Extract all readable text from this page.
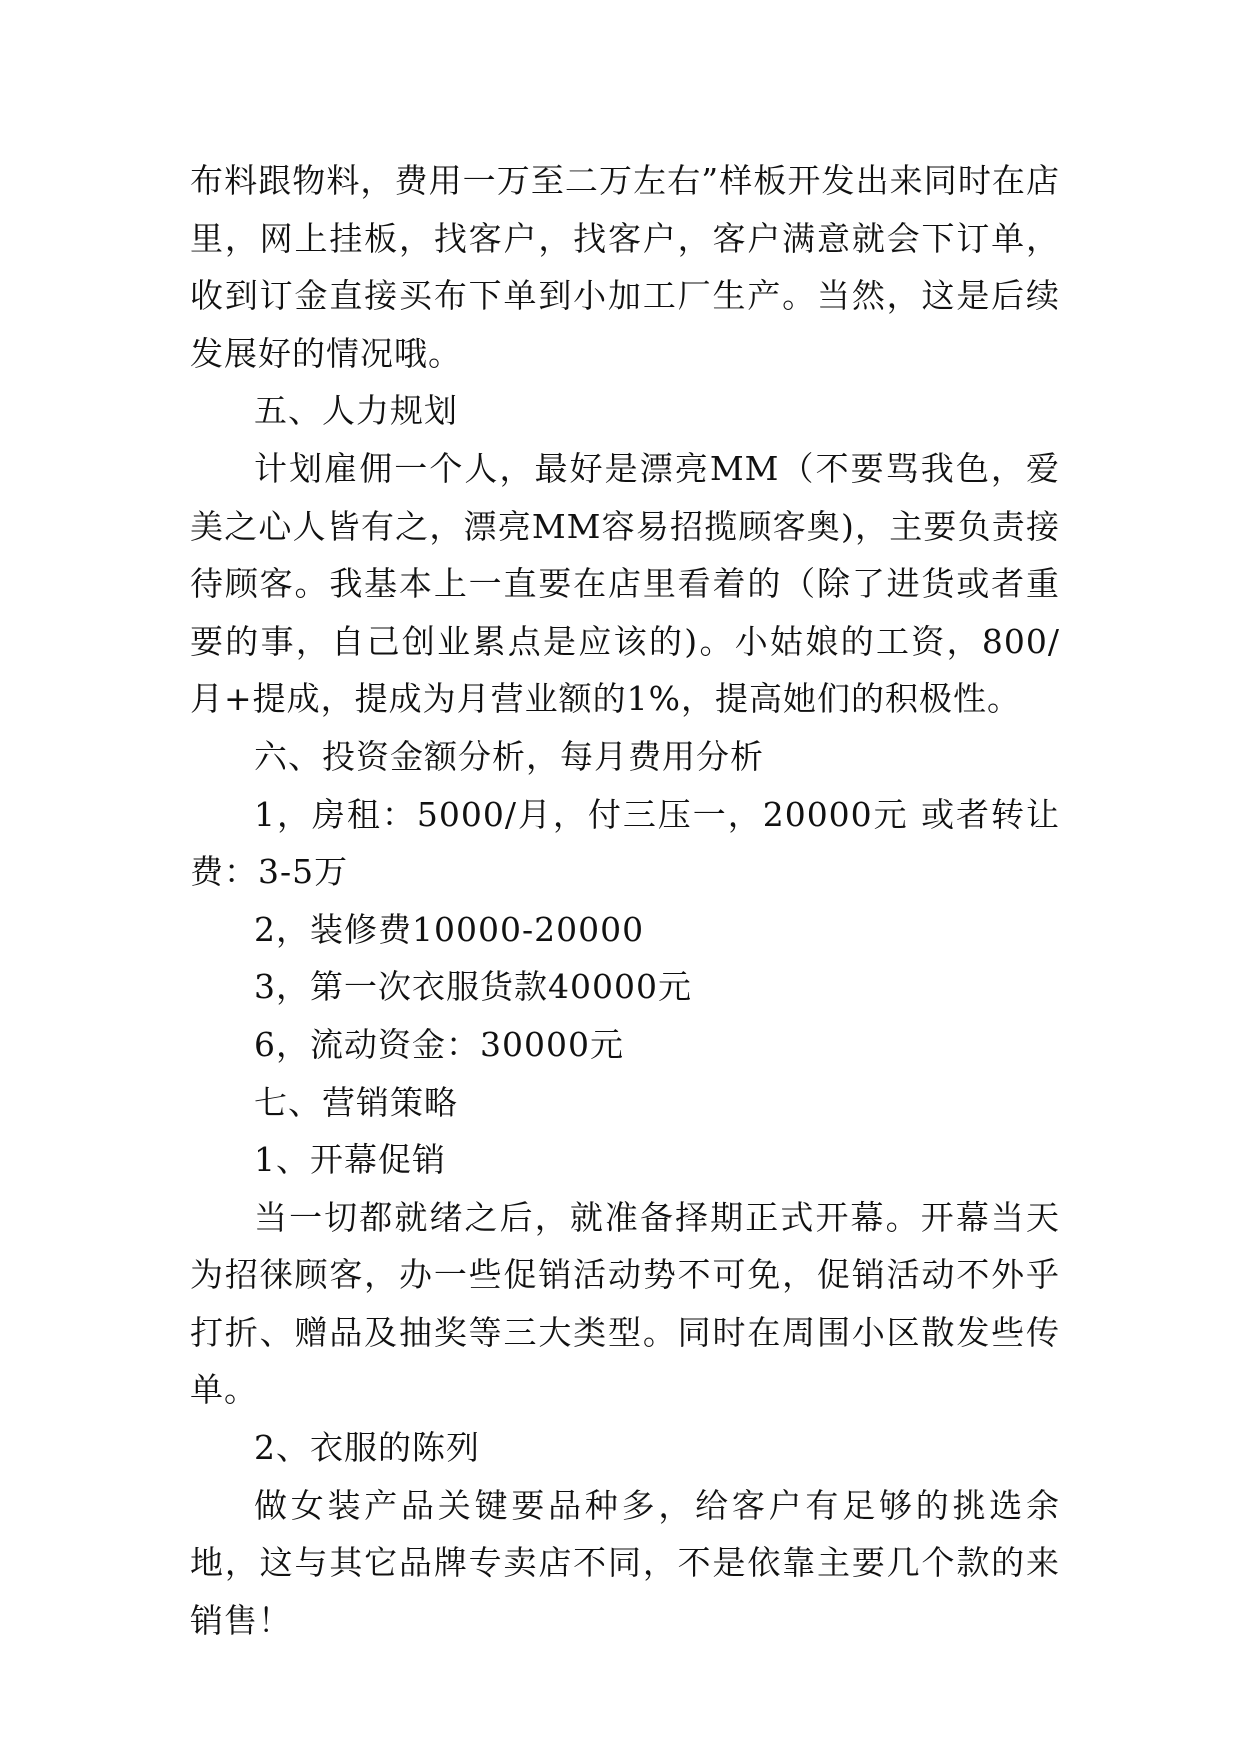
布料跟物料，费用一万至二万左右”样板开发出来同时在店里，网上挂板，找客户，找客户，客户满意就会下订单，收到订金直接买布下单到小加工厂生产。当然，这是后续发展好的情况哦。

五、人力规划

计划雇佣一个人，最好是漂亮MM（不要骂我色，爱美之心人皆有之，漂亮MM容易招揽顾客奥)，主要负责接待顾客。我基本上一直要在店里看着的（除了进货或者重要的事，自己创业累点是应该的)。小姑娘的工资，800/月+提成，提成为月营业额的1%，提高她们的积极性。

六、投资金额分析，每月费用分析

1，房租：5000/月，付三压一，20000元 或者转让费：3-5万

2，装修费10000-20000

3，第一次衣服货款40000元

6，流动资金：30000元

七、营销策略

1、开幕促销

当一切都就绪之后，就准备择期正式开幕。开幕当天为招徕顾客，办一些促销活动势不可免，促销活动不外乎打折、赠品及抽奖等三大类型。同时在周围小区散发些传单。

2、衣服的陈列

做女装产品关键要品种多，给客户有足够的挑选余地，这与其它品牌专卖店不同，不是依靠主要几个款的来销售！
